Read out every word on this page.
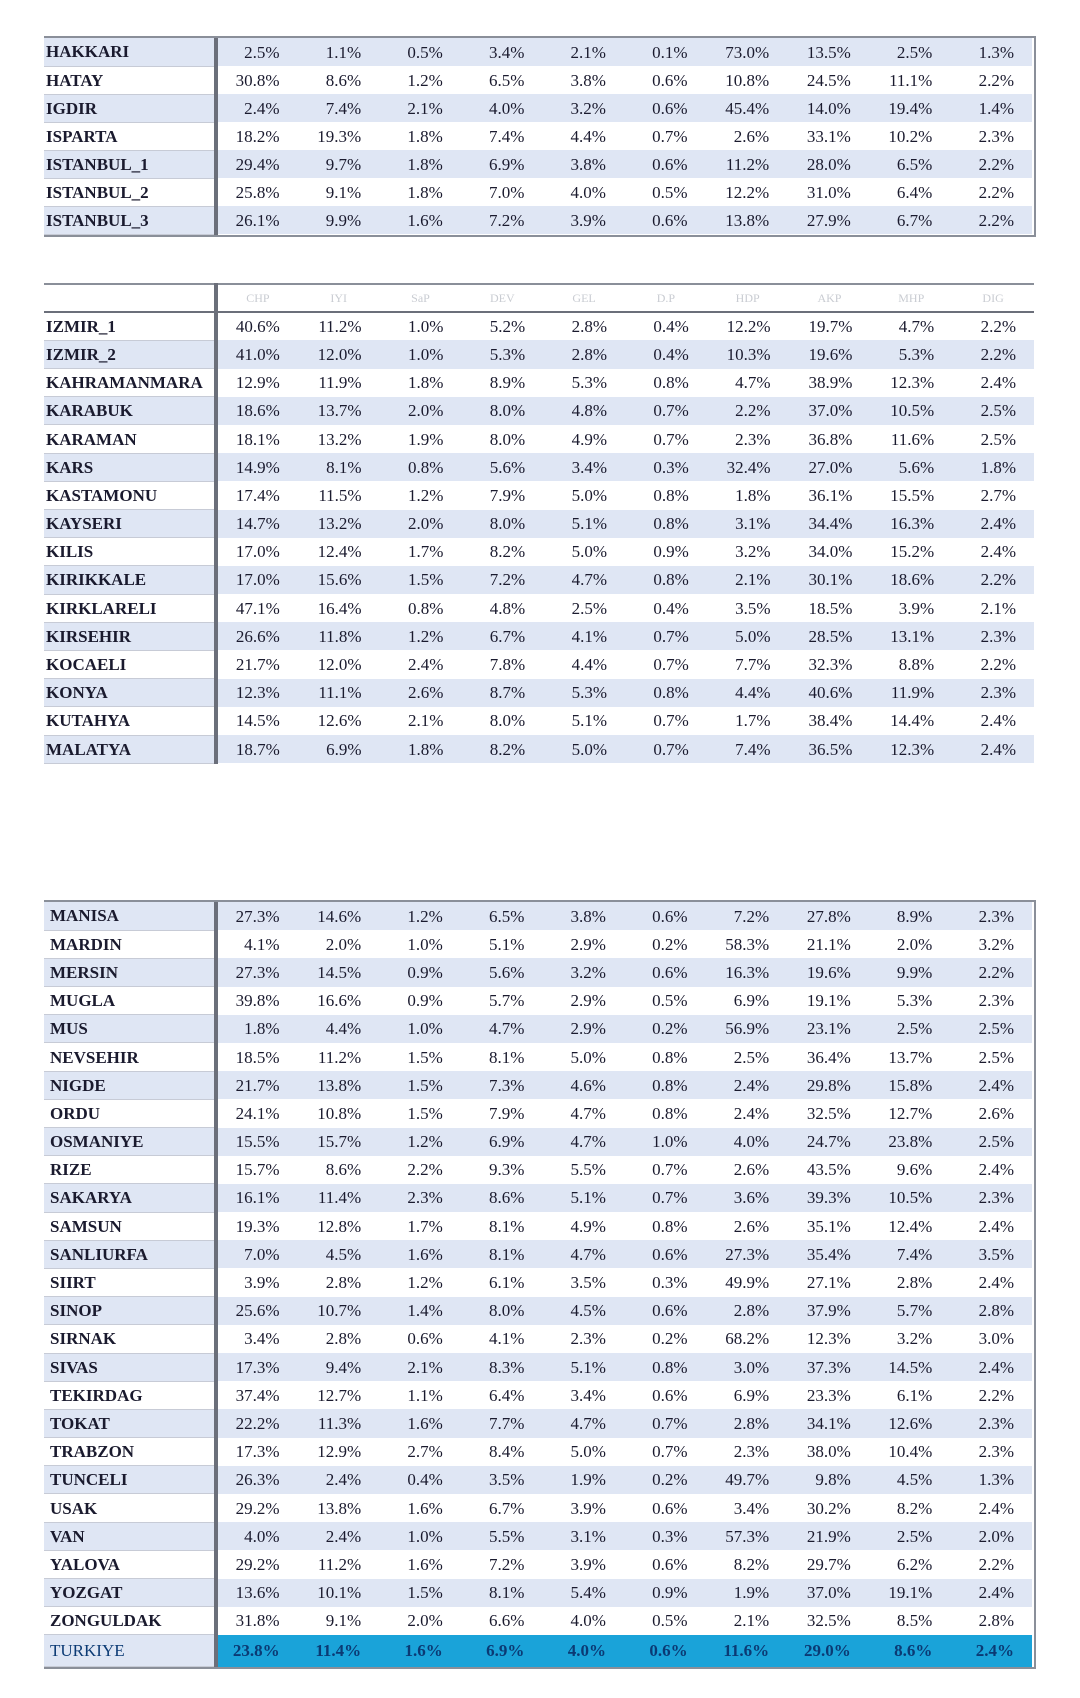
HAKKARI	2.5%	1.1%	0.5%	3.4%	2.1%	0.1%	73.0%	13.5%	2.5%	1.3%
HATAY	30.8%	8.6%	1.2%	6.5%	3.8%	0.6%	10.8%	24.5%	11.1%	2.2%
IGDIR	2.4%	7.4%	2.1%	4.0%	3.2%	0.6%	45.4%	14.0%	19.4%	1.4%
ISPARTA	18.2%	19.3%	1.8%	7.4%	4.4%	0.7%	2.6%	33.1%	10.2%	2.3%
ISTANBUL_1	29.4%	9.7%	1.8%	6.9%	3.8%	0.6%	11.2%	28.0%	6.5%	2.2%
ISTANBUL_2	25.8%	9.1%	1.8%	7.0%	4.0%	0.5%	12.2%	31.0%	6.4%	2.2%
ISTANBUL_3	26.1%	9.9%	1.6%	7.2%	3.9%	0.6%	13.8%	27.9%	6.7%	2.2%
	CHP	IYI	SaP	DEV	GEL	D.P	HDP	AKP	MHP	DIG
IZMIR_1	40.6%	11.2%	1.0%	5.2%	2.8%	0.4%	12.2%	19.7%	4.7%	2.2%
IZMIR_2	41.0%	12.0%	1.0%	5.3%	2.8%	0.4%	10.3%	19.6%	5.3%	2.2%
KAHRAMANMARA	12.9%	11.9%	1.8%	8.9%	5.3%	0.8%	4.7%	38.9%	12.3%	2.4%
KARABUK	18.6%	13.7%	2.0%	8.0%	4.8%	0.7%	2.2%	37.0%	10.5%	2.5%
KARAMAN	18.1%	13.2%	1.9%	8.0%	4.9%	0.7%	2.3%	36.8%	11.6%	2.5%
KARS	14.9%	8.1%	0.8%	5.6%	3.4%	0.3%	32.4%	27.0%	5.6%	1.8%
KASTAMONU	17.4%	11.5%	1.2%	7.9%	5.0%	0.8%	1.8%	36.1%	15.5%	2.7%
KAYSERI	14.7%	13.2%	2.0%	8.0%	5.1%	0.8%	3.1%	34.4%	16.3%	2.4%
KILIS	17.0%	12.4%	1.7%	8.2%	5.0%	0.9%	3.2%	34.0%	15.2%	2.4%
KIRIKKALE	17.0%	15.6%	1.5%	7.2%	4.7%	0.8%	2.1%	30.1%	18.6%	2.2%
KIRKLARELI	47.1%	16.4%	0.8%	4.8%	2.5%	0.4%	3.5%	18.5%	3.9%	2.1%
KIRSEHIR	26.6%	11.8%	1.2%	6.7%	4.1%	0.7%	5.0%	28.5%	13.1%	2.3%
KOCAELI	21.7%	12.0%	2.4%	7.8%	4.4%	0.7%	7.7%	32.3%	8.8%	2.2%
KONYA	12.3%	11.1%	2.6%	8.7%	5.3%	0.8%	4.4%	40.6%	11.9%	2.3%
KUTAHYA	14.5%	12.6%	2.1%	8.0%	5.1%	0.7%	1.7%	38.4%	14.4%	2.4%
MALATYA	18.7%	6.9%	1.8%	8.2%	5.0%	0.7%	7.4%	36.5%	12.3%	2.4%
MANISA	27.3%	14.6%	1.2%	6.5%	3.8%	0.6%	7.2%	27.8%	8.9%	2.3%
MARDIN	4.1%	2.0%	1.0%	5.1%	2.9%	0.2%	58.3%	21.1%	2.0%	3.2%
MERSIN	27.3%	14.5%	0.9%	5.6%	3.2%	0.6%	16.3%	19.6%	9.9%	2.2%
MUGLA	39.8%	16.6%	0.9%	5.7%	2.9%	0.5%	6.9%	19.1%	5.3%	2.3%
MUS	1.8%	4.4%	1.0%	4.7%	2.9%	0.2%	56.9%	23.1%	2.5%	2.5%
NEVSEHIR	18.5%	11.2%	1.5%	8.1%	5.0%	0.8%	2.5%	36.4%	13.7%	2.5%
NIGDE	21.7%	13.8%	1.5%	7.3%	4.6%	0.8%	2.4%	29.8%	15.8%	2.4%
ORDU	24.1%	10.8%	1.5%	7.9%	4.7%	0.8%	2.4%	32.5%	12.7%	2.6%
OSMANIYE	15.5%	15.7%	1.2%	6.9%	4.7%	1.0%	4.0%	24.7%	23.8%	2.5%
RIZE	15.7%	8.6%	2.2%	9.3%	5.5%	0.7%	2.6%	43.5%	9.6%	2.4%
SAKARYA	16.1%	11.4%	2.3%	8.6%	5.1%	0.7%	3.6%	39.3%	10.5%	2.3%
SAMSUN	19.3%	12.8%	1.7%	8.1%	4.9%	0.8%	2.6%	35.1%	12.4%	2.4%
SANLIURFA	7.0%	4.5%	1.6%	8.1%	4.7%	0.6%	27.3%	35.4%	7.4%	3.5%
SIIRT	3.9%	2.8%	1.2%	6.1%	3.5%	0.3%	49.9%	27.1%	2.8%	2.4%
SINOP	25.6%	10.7%	1.4%	8.0%	4.5%	0.6%	2.8%	37.9%	5.7%	2.8%
SIRNAK	3.4%	2.8%	0.6%	4.1%	2.3%	0.2%	68.2%	12.3%	3.2%	3.0%
SIVAS	17.3%	9.4%	2.1%	8.3%	5.1%	0.8%	3.0%	37.3%	14.5%	2.4%
TEKIRDAG	37.4%	12.7%	1.1%	6.4%	3.4%	0.6%	6.9%	23.3%	6.1%	2.2%
TOKAT	22.2%	11.3%	1.6%	7.7%	4.7%	0.7%	2.8%	34.1%	12.6%	2.3%
TRABZON	17.3%	12.9%	2.7%	8.4%	5.0%	0.7%	2.3%	38.0%	10.4%	2.3%
TUNCELI	26.3%	2.4%	0.4%	3.5%	1.9%	0.2%	49.7%	9.8%	4.5%	1.3%
USAK	29.2%	13.8%	1.6%	6.7%	3.9%	0.6%	3.4%	30.2%	8.2%	2.4%
VAN	4.0%	2.4%	1.0%	5.5%	3.1%	0.3%	57.3%	21.9%	2.5%	2.0%
YALOVA	29.2%	11.2%	1.6%	7.2%	3.9%	0.6%	8.2%	29.7%	6.2%	2.2%
YOZGAT	13.6%	10.1%	1.5%	8.1%	5.4%	0.9%	1.9%	37.0%	19.1%	2.4%
ZONGULDAK	31.8%	9.1%	2.0%	6.6%	4.0%	0.5%	2.1%	32.5%	8.5%	2.8%
TURKIYE	23.8%	11.4%	1.6%	6.9%	4.0%	0.6%	11.6%	29.0%	8.6%	2.4%
